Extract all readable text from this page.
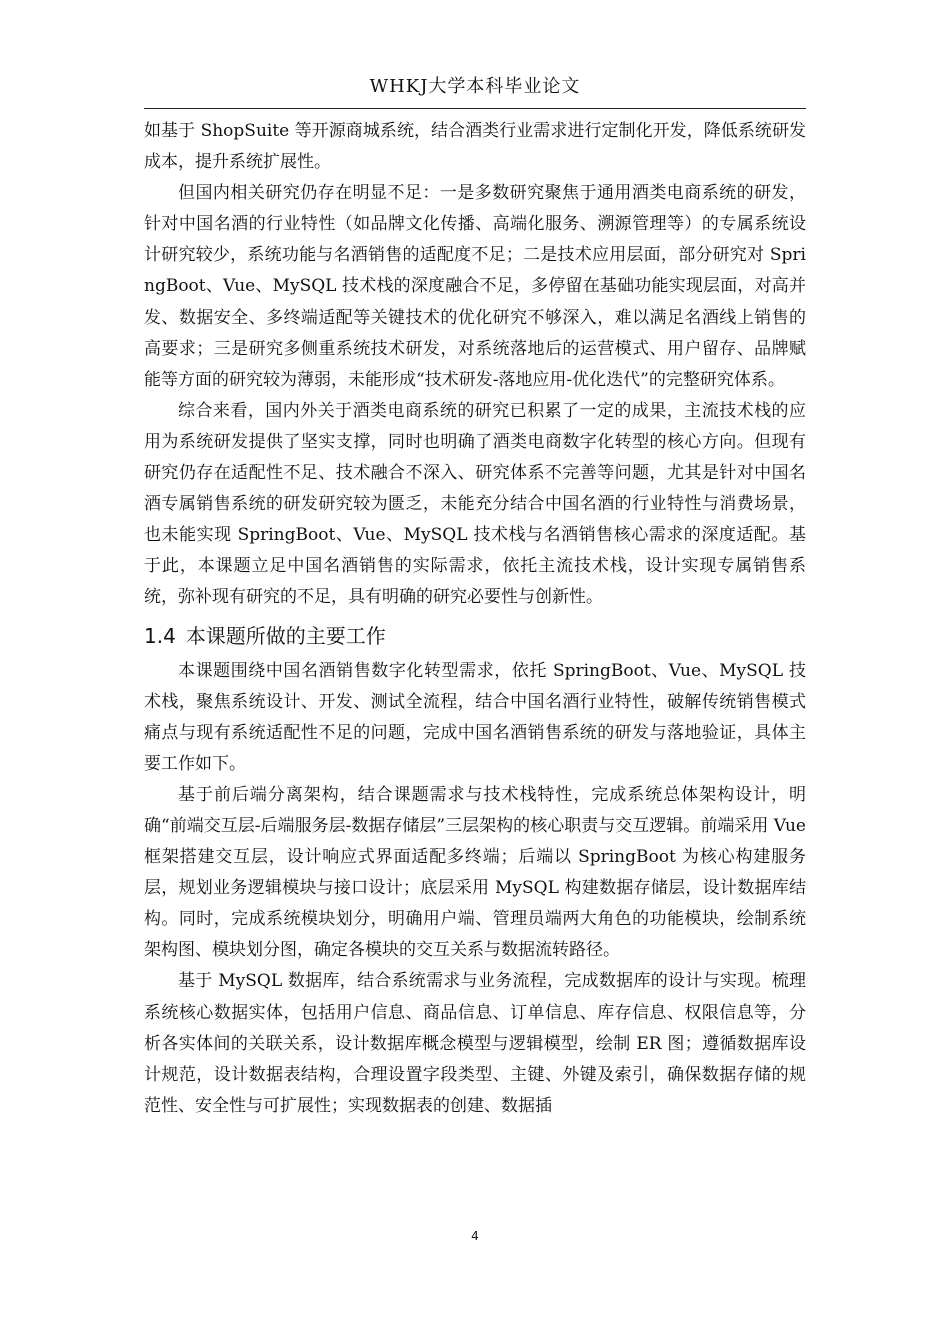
WHKJ大学本科毕业论文

如基于 ShopSuite 等开源商城系统，结合酒类行业需求进行定制化开发，降低系统研发成本，提升系统扩展性。

但国内相关研究仍存在明显不足：一是多数研究聚焦于通用酒类电商系统的研发，针对中国名酒的行业特性（如品牌文化传播、高端化服务、溯源管理等）的专属系统设计研究较少，系统功能与名酒销售的适配度不足；二是技术应用层面，部分研究对 SpringBoot、Vue、MySQL 技术栈的深度融合不足，多停留在基础功能实现层面，对高并发、数据安全、多终端适配等关键技术的优化研究不够深入，难以满足名酒线上销售的高要求；三是研究多侧重系统技术研发，对系统落地后的运营模式、用户留存、品牌赋能等方面的研究较为薄弱，未能形成“技术研发-落地应用-优化迭代”的完整研究体系。

综合来看，国内外关于酒类电商系统的研究已积累了一定的成果，主流技术栈的应用为系统研发提供了坚实支撑，同时也明确了酒类电商数字化转型的核心方向。但现有研究仍存在适配性不足、技术融合不深入、研究体系不完善等问题，尤其是针对中国名酒专属销售系统的研发研究较为匮乏，未能充分结合中国名酒的行业特性与消费场景，也未能实现 SpringBoot、Vue、MySQL 技术栈与名酒销售核心需求的深度适配。基于此，本课题立足中国名酒销售的实际需求，依托主流技术栈，设计实现专属销售系统，弥补现有研究的不足，具有明确的研究必要性与创新性。

1.4 本课题所做的主要工作

本课题围绕中国名酒销售数字化转型需求，依托 SpringBoot、Vue、MySQL 技术栈，聚焦系统设计、开发、测试全流程，结合中国名酒行业特性，破解传统销售模式痛点与现有系统适配性不足的问题，完成中国名酒销售系统的研发与落地验证，具体主要工作如下。

基于前后端分离架构，结合课题需求与技术栈特性，完成系统总体架构设计，明确“前端交互层-后端服务层-数据存储层”三层架构的核心职责与交互逻辑。前端采用 Vue 框架搭建交互层，设计响应式界面适配多终端；后端以 SpringBoot 为核心构建服务层，规划业务逻辑模块与接口设计；底层采用 MySQL 构建数据存储层，设计数据库结构。同时，完成系统模块划分，明确用户端、管理员端两大角色的功能模块，绘制系统架构图、模块划分图，确定各模块的交互关系与数据流转路径。

基于 MySQL 数据库，结合系统需求与业务流程，完成数据库的设计与实现。梳理系统核心数据实体，包括用户信息、商品信息、订单信息、库存信息、权限信息等，分析各实体间的关联关系，设计数据库概念模型与逻辑模型，绘制 ER 图；遵循数据库设计规范，设计数据表结构，合理设置字段类型、主键、外键及索引，确保数据存储的规范性、安全性与可扩展性；实现数据表的创建、数据插

4
